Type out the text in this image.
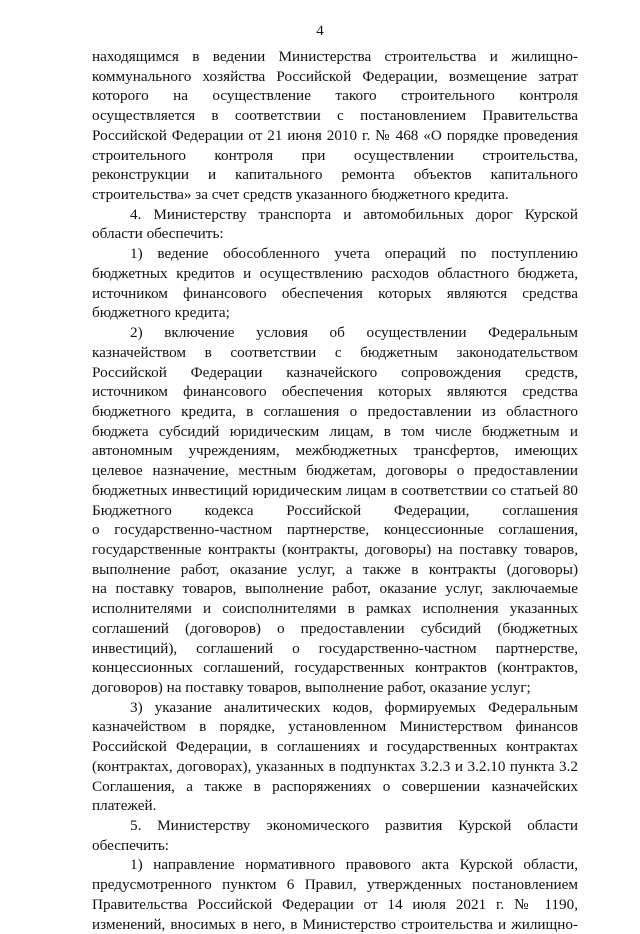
4
находящимся в ведении Министерства строительства и жилищно-
коммунального хозяйства Российской Федерации, возмещение затрат
которого на осуществление такого строительного контроля
осуществляется в соответствии с постановлением Правительства
Российской Федерации от 21 июня 2010 г. № 468 «О порядке проведения
строительного контроля при осуществлении строительства,
реконструкции и капитального ремонта объектов капитального
строительства» за счет средств указанного бюджетного кредита.
4. Министерству транспорта и автомобильных дорог Курской
области обеспечить:
1) ведение обособленного учета операций по поступлению
бюджетных кредитов и осуществлению расходов областного бюджета,
источником финансового обеспечения которых являются средства
бюджетного кредита;
2) включение условия об осуществлении Федеральным
казначейством в соответствии с бюджетным законодательством
Российской Федерации казначейского сопровождения средств,
источником финансового обеспечения которых являются средства
бюджетного кредита, в соглашения о предоставлении из областного
бюджета субсидий юридическим лицам, в том числе бюджетным и
автономным учреждениям, межбюджетных трансфертов, имеющих
целевое назначение, местным бюджетам, договоры о предоставлении
бюджетных инвестиций юридическим лицам в соответствии со статьей 80
Бюджетного кодекса Российской Федерации, соглашения
о государственно-частном партнерстве, концессионные соглашения,
государственные контракты (контракты, договоры) на поставку товаров,
выполнение работ, оказание услуг, а также в контракты (договоры)
на поставку товаров, выполнение работ, оказание услуг, заключаемые
исполнителями и соисполнителями в рамках исполнения указанных
соглашений (договоров) о предоставлении субсидий (бюджетных
инвестиций), соглашений о государственно-частном партнерстве,
концессионных соглашений, государственных контрактов (контрактов,
договоров) на поставку товаров, выполнение работ, оказание услуг;
3) указание аналитических кодов, формируемых Федеральным
казначейством в порядке, установленном Министерством финансов
Российской Федерации, в соглашениях и государственных контрактах
(контрактах, договорах), указанных в подпунктах 3.2.3 и 3.2.10 пункта 3.2
Соглашения, а также в распоряжениях о совершении казначейских
платежей.
5. Министерству экономического развития Курской области
обеспечить:
1) направление нормативного правового акта Курской области,
предусмотренного пунктом 6 Правил, утвержденных постановлением
Правительства Российской Федерации от 14 июля 2021 г. № 1190,
изменений, вносимых в него, в Министерство строительства и жилищно-
